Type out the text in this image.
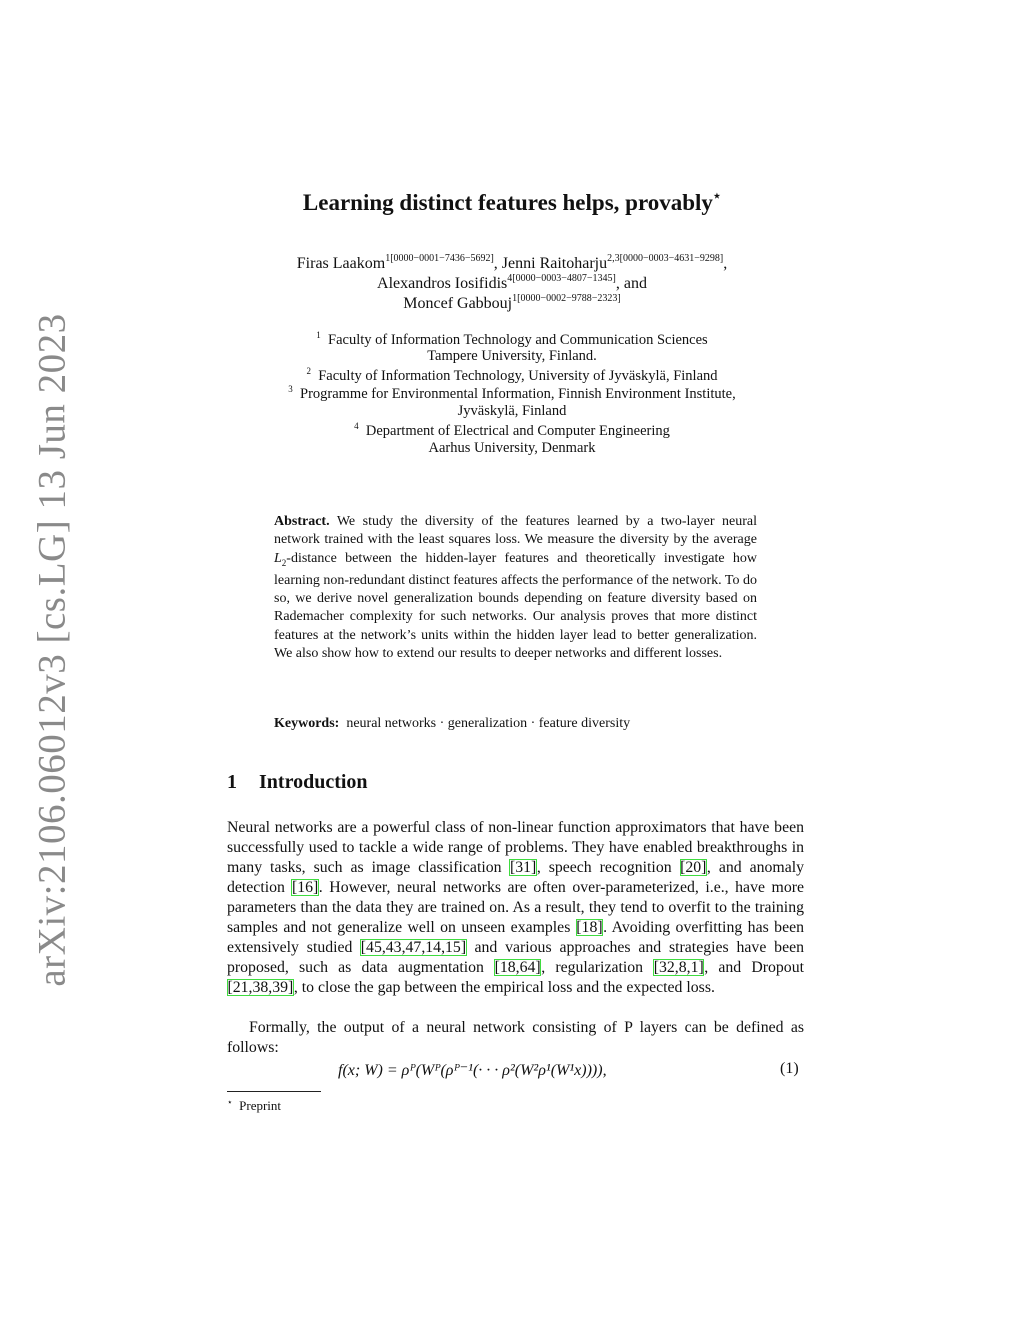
arXiv:2106.06012v3 [cs.LG] 13 Jun 2023
Learning distinct features helps, provably⋆
Firas Laakom$^{1[0000-0001-7436-5692]}$, Jenni Raitoharju$^{2,3[0000-0003-4631-9298]}$,
Alexandros Iosifidis$^{4[0000-0003-4807-1345]}$, and
Moncef Gabbouj$^{1[0000-0002-9788-2323]}$
$^1$ Faculty of Information Technology and Communication Sciences
Tampere University, Finland.
$^2$ Faculty of Information Technology, University of Jyväskylä, Finland
$^3$ Programme for Environmental Information, Finnish Environment Institute,
Jyväskylä, Finland
$^4$ Department of Electrical and Computer Engineering
Aarhus University, Denmark
Abstract. We study the diversity of the features learned by a two-layer neural network trained with the least squares loss. We measure the diversity by the average $L_2$-distance between the hidden-layer features and theoretically investigate how learning non-redundant distinct features affects the performance of the network. To do so, we derive novel generalization bounds depending on feature diversity based on Rademacher complexity for such networks. Our analysis proves that more distinct features at the network’s units within the hidden layer lead to better generalization. We also show how to extend our results to deeper networks and different losses.
Keywords: neural networks · generalization · feature diversity
1 Introduction
Neural networks are a powerful class of non-linear function approximators that have been successfully used to tackle a wide range of problems. They have enabled breakthroughs in many tasks, such as image classification [31], speech recognition [20], and anomaly detection [16]. However, neural networks are often over-parameterized, i.e., have more parameters than the data they are trained on. As a result, they tend to overfit to the training samples and not generalize well on unseen examples [18]. Avoiding overfitting has been extensively studied [45,43,47,14,15] and various approaches and strategies have been proposed, such as data augmentation [18,64], regularization [32,8,1], and Dropout [21,38,39], to close the gap between the empirical loss and the expected loss.
Formally, the output of a neural network consisting of P layers can be defined as follows:
f(x; W) = ρᴾ(Wᴾ(ρᴾ⁻¹(· · · ρ²(W²ρ¹(W¹x)))),	(1)
⋆ Preprint
